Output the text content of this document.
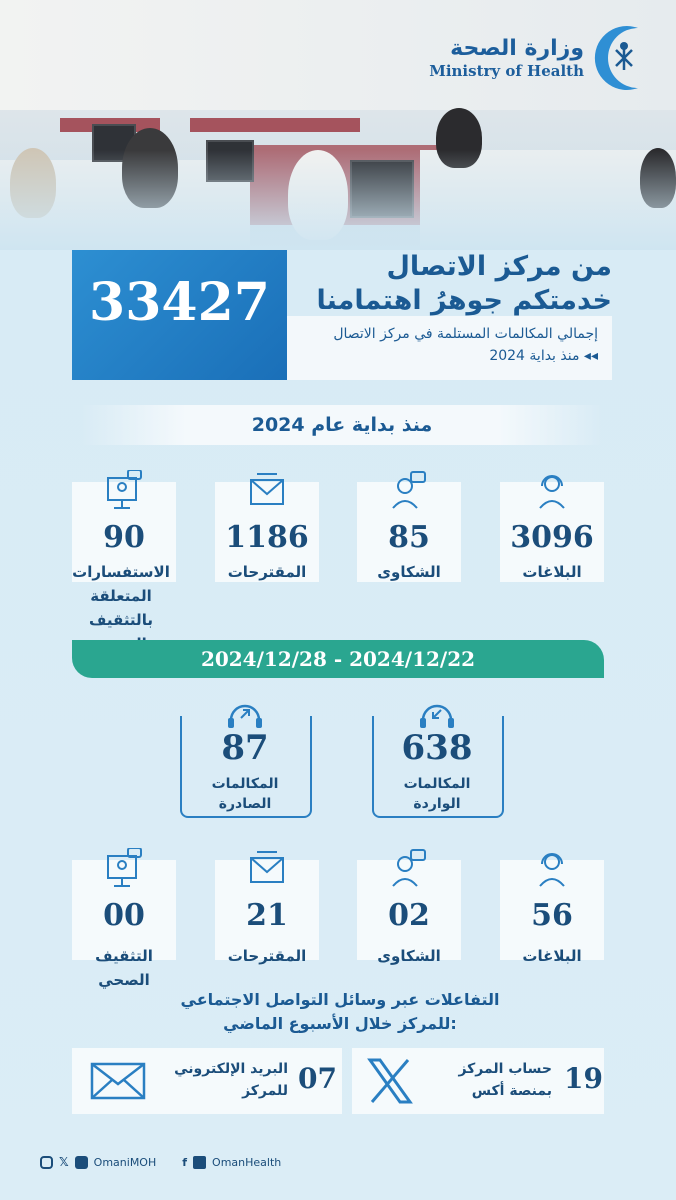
وزارة الصحة
Ministry of Health
33427
من مركز الاتصال
خدمتكم جوهرُ اهتمامنا
إجمالي المكالمات المستلمة في مركز الاتصال
منذ بداية 2024 ◂◂
منذ بداية عام 2024
3096
البلاغات
85
الشكاوى
1186
المقترحات
90
الاستفسارات
المتعلقة
بالتثقيف
2024/12/28 - 2024/12/22
638
المكالمات
الواردة
87
المكالمات
الصادرة
56
البلاغات
02
الشكاوى
21
المقترحات
00
التثقيف الصحي
التفاعلات عبر وسائل التواصل الاجتماعي
للمركز خلال الأسبوع الماضي:
19
حساب المركز
بمنصة أكس
07
البريد الإلكتروني
للمركز
𝕏 OmaniMOH f OmanHealth
